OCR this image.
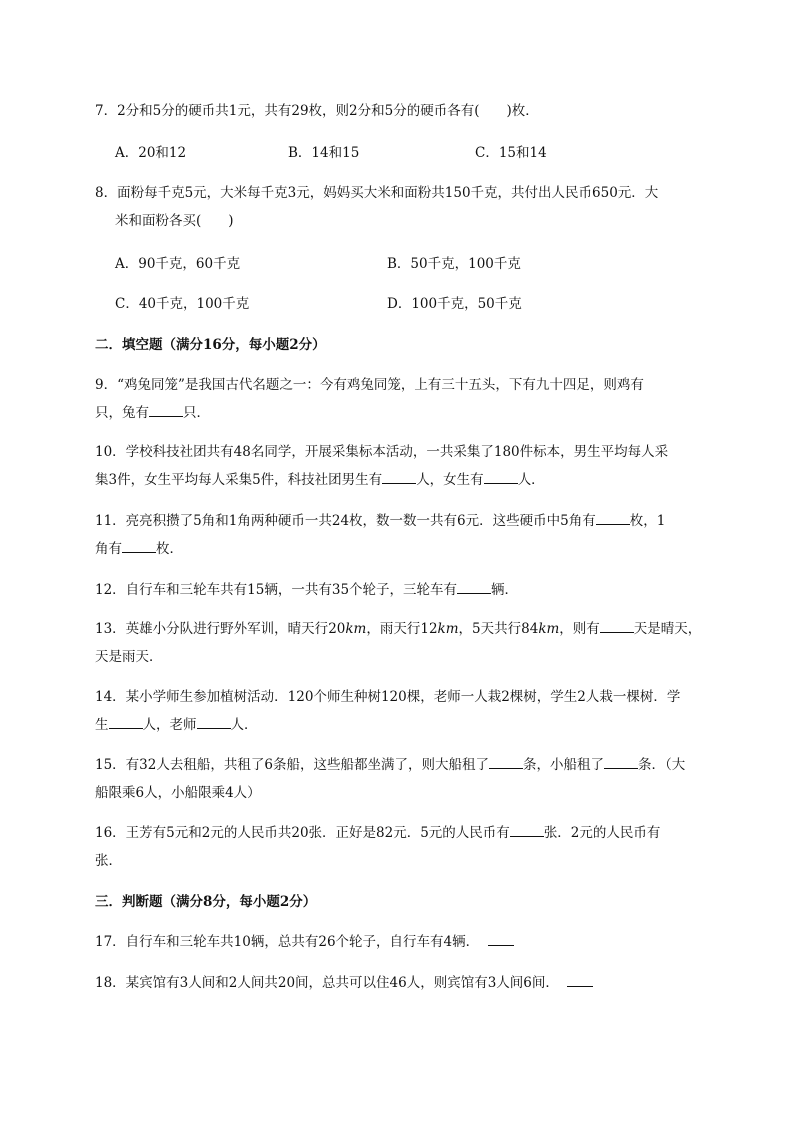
7．2分和5分的硬币共1元，共有29枚，则2分和5分的硬币各有(　　)枚．
A．20和12	B．14和15	C．15和14
8．面粉每千克5元，大米每千克3元，妈妈买大米和面粉共150千克，共付出人民币650元．大
米和面粉各买(　　)
A．90千克，60千克	B．50千克，100千克
C．40千克，100千克	D．100千克，50千克
二．填空题（满分16分，每小题2分）
9．“鸡兔同笼”是我国古代名题之一：今有鸡兔同笼，上有三十五头，下有九十四足，则鸡有
只，兔有	只．
10．学校科技社团共有48名同学，开展采集标本活动，一共采集了180件标本，男生平均每人采
集3件，女生平均每人采集5件，科技社团男生有	人，女生有	人．
11．亮亮积攒了5角和1角两种硬币一共24枚，数一数一共有6元．这些硬币中5角有	枚，1
角有	枚．
12．自行车和三轮车共有15辆，一共有35个轮子，三轮车有	辆．
13．英雄小分队进行野外军训，晴天行20km，雨天行12km，5天共行84km，则有	天是晴天，
天是雨天．
14．某小学师生参加植树活动．120个师生种树120棵，老师一人栽2棵树，学生2人栽一棵树．学
生	人，老师	人．
15．有32人去租船，共租了6条船，这些船都坐满了，则大船租了	条，小船租了	条．（大
船限乘6人，小船限乘4人）
16．王芳有5元和2元的人民币共20张．正好是82元．5元的人民币有	张．2元的人民币有
张．
三．判断题（满分8分，每小题2分）
17．自行车和三轮车共10辆，总共有26个轮子，自行车有4辆．
18．某宾馆有3人间和2人间共20间，总共可以住46人，则宾馆有3人间6间．
